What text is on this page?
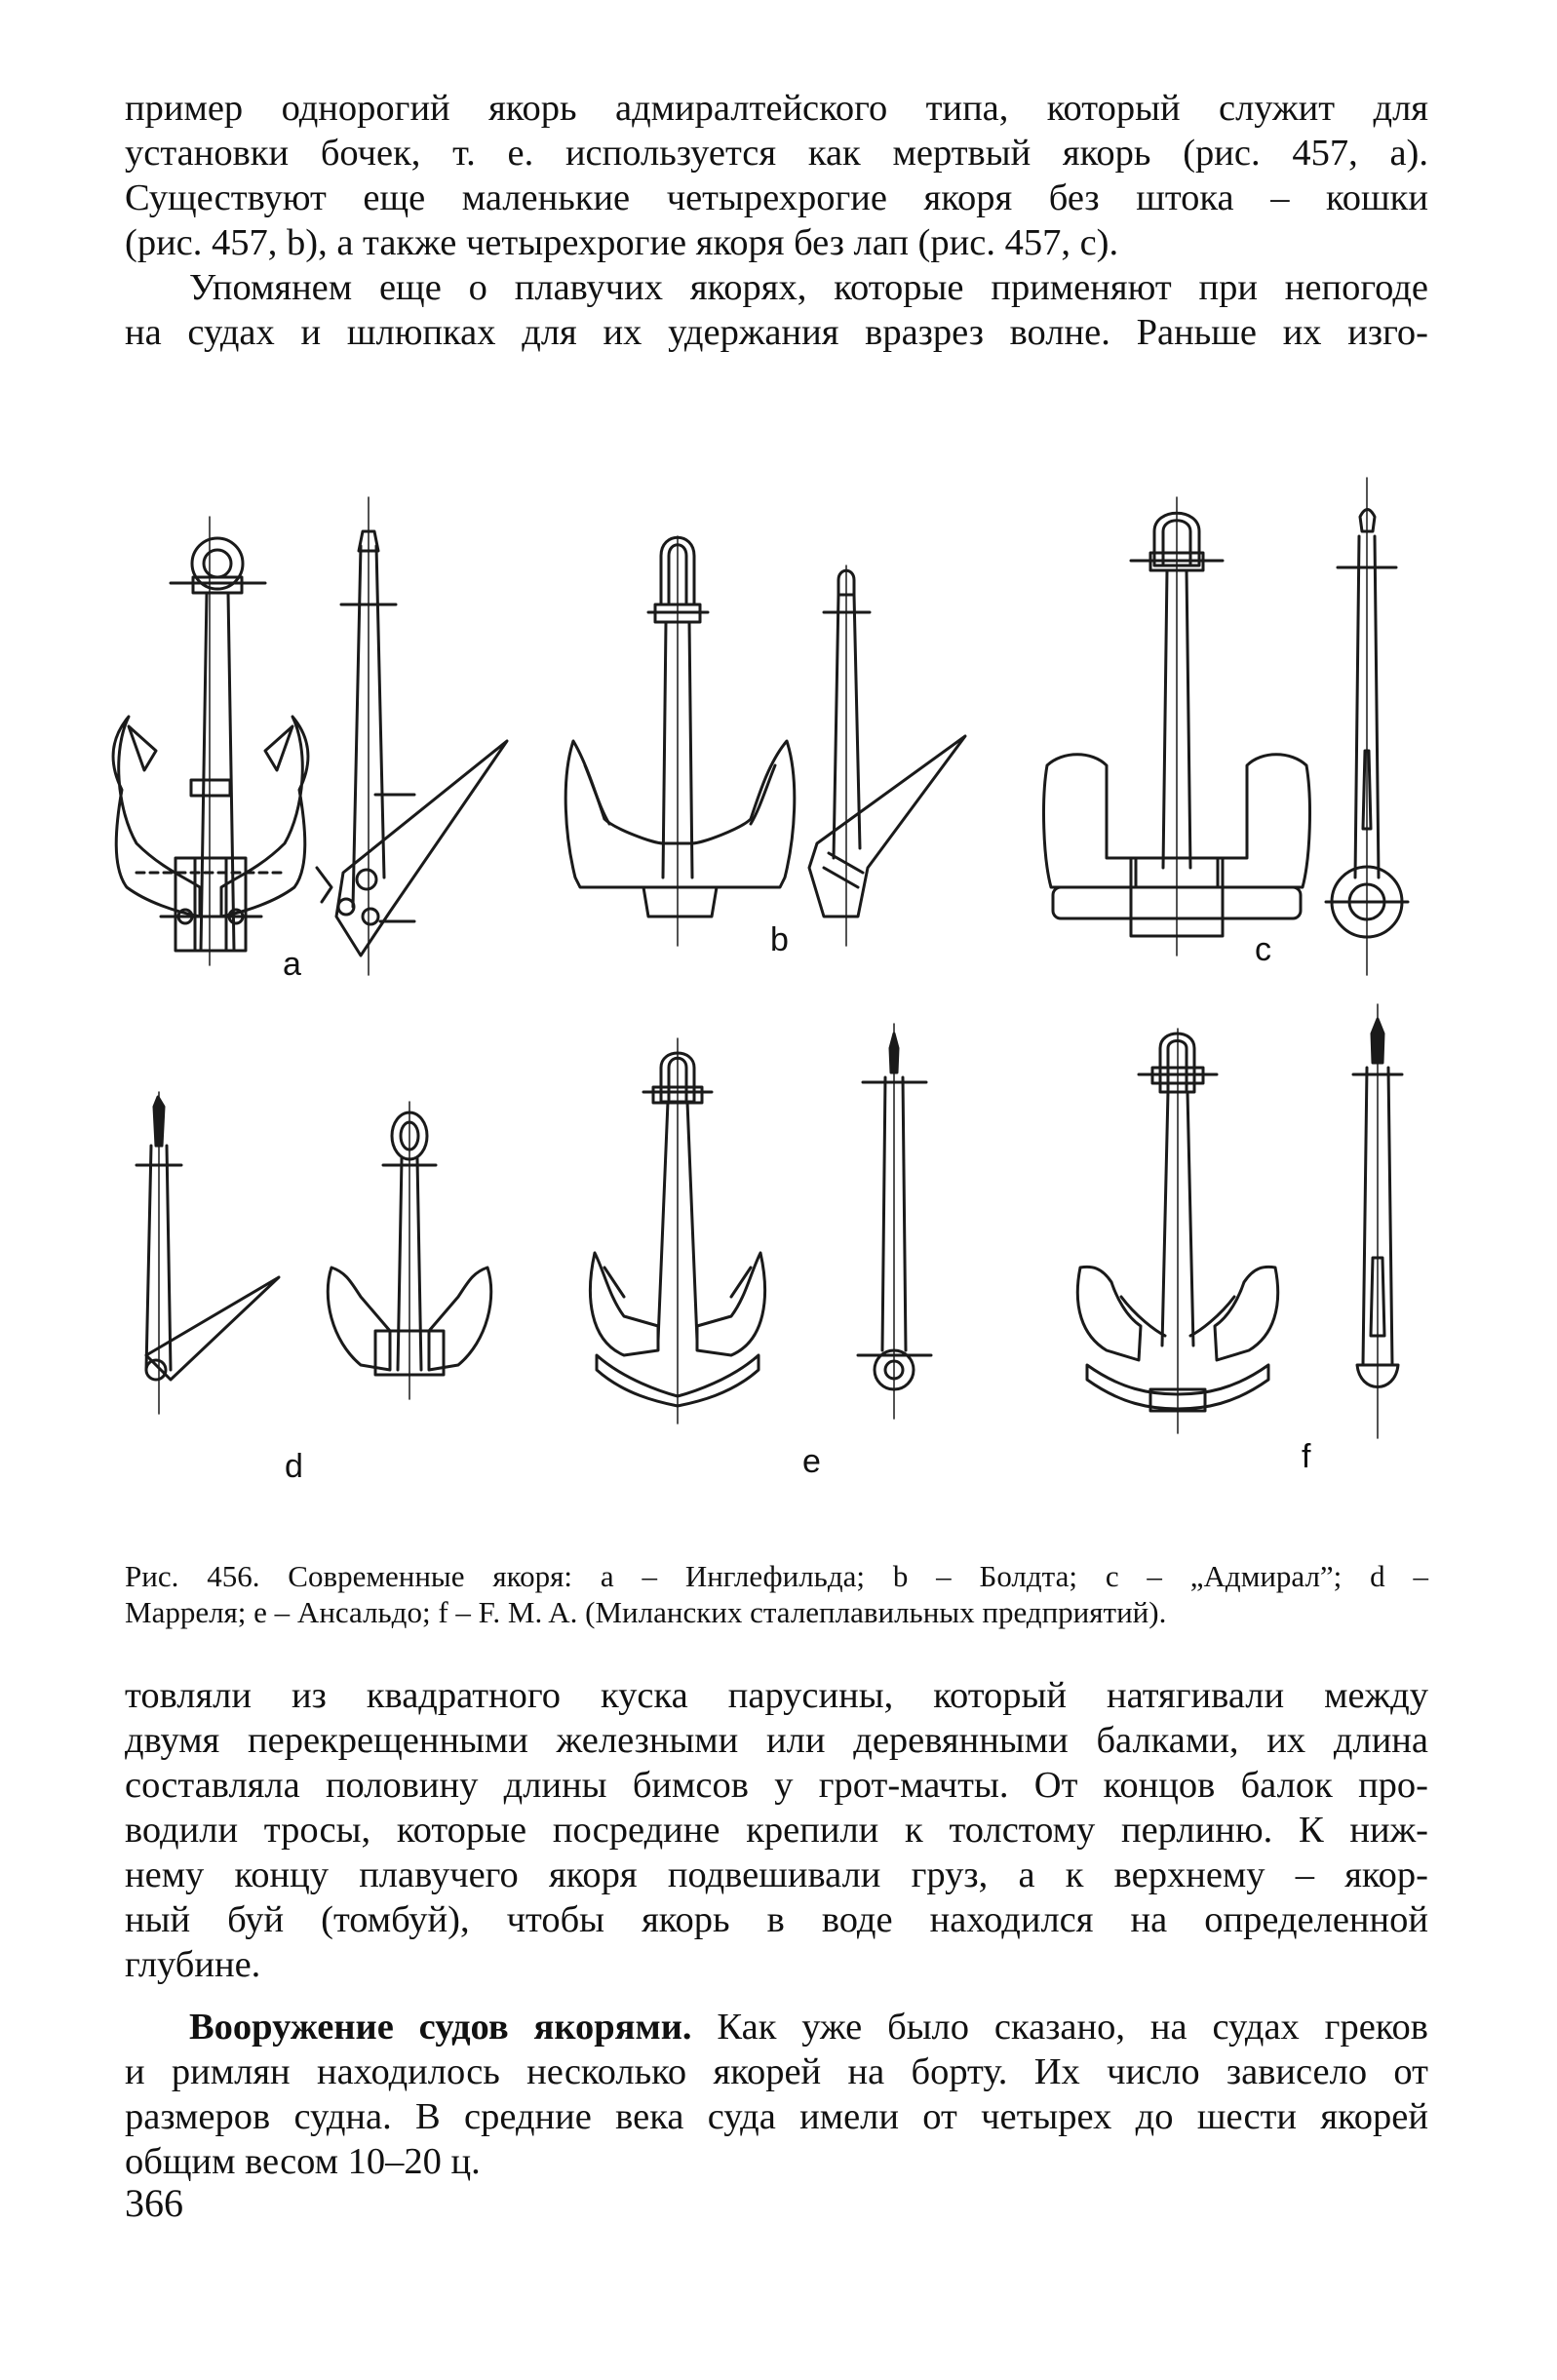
пример однорогий якорь адмиралтейского типа, который служит для
установки бочек, т. е. используется как мертвый якорь (рис. 457, a).
Существуют еще маленькие четырехрогие якоря без штока – кошки
(рис. 457, b), а также четырехрогие якоря без лап (рис. 457, c).

Упомянем еще о плавучих якорях, которые применяют при непогоде
на судах и шлюпках для их удержания вразрез волне. Раньше их изго-

a
b	c
d	e	f

Рис. 456. Современные якоря: a – Инглефильда; b – Болдта; c – „Адмирал”; d –
Марреля; e – Ансальдо; f – F. M. A. (Миланских сталеплавильных предприятий).

товляли из квадратного куска парусины, который натягивали между
двумя перекрещенными железными или деревянными балками, их длина
составляла половину длины бимсов у грот-мачты. От концов балок про-
водили тросы, которые посредине крепили к толстому перлиню. К ниж-
нему концу плавучего якоря подвешивали груз, а к верхнему – якор-
ный буй (томбуй), чтобы якорь в воде находился на определенной
глубине.

Вооружение судов якорями. Как уже было сказано, на судах греков
и римлян находилось несколько якорей на борту. Их число зависело от
размеров судна. В средние века суда имели от четырех до шести якорей
общим весом 10–20 ц.

366
